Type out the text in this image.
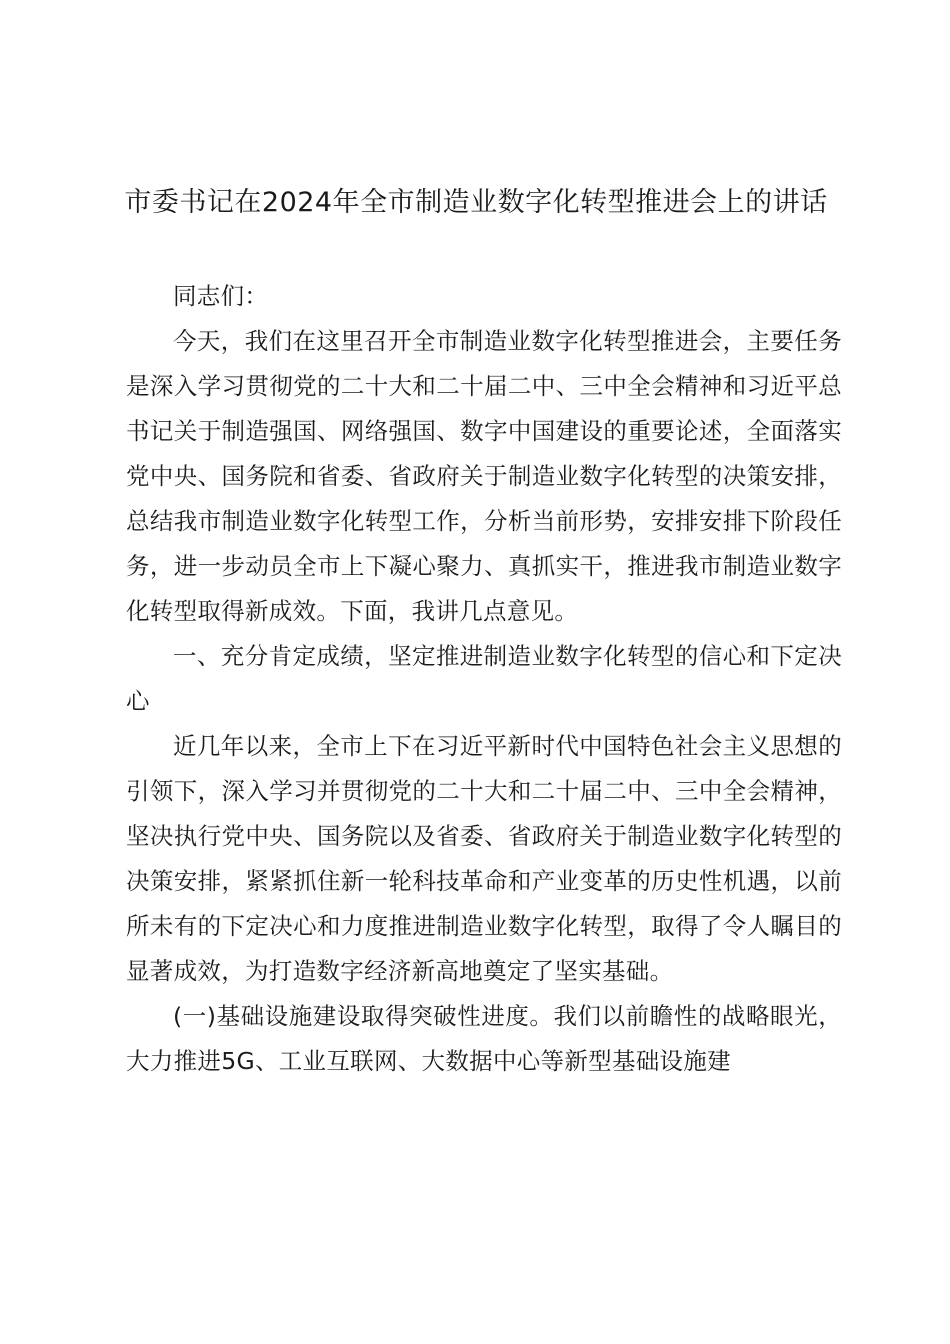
市委书记在2024年全市制造业数字化转型推进会上的讲话

同志们：

今天，我们在这里召开全市制造业数字化转型推进会，主要任务是深入学习贯彻党的二十大和二十届二中、三中全会精神和习近平总书记关于制造强国、网络强国、数字中国建设的重要论述，全面落实党中央、国务院和省委、省政府关于制造业数字化转型的决策安排，总结我市制造业数字化转型工作，分析当前形势，安排安排下阶段任务，进一步动员全市上下凝心聚力、真抓实干，推进我市制造业数字化转型取得新成效。下面，我讲几点意见。

一、充分肯定成绩，坚定推进制造业数字化转型的信心和下定决心

近几年以来，全市上下在习近平新时代中国特色社会主义思想的引领下，深入学习并贯彻党的二十大和二十届二中、三中全会精神，坚决执行党中央、国务院以及省委、省政府关于制造业数字化转型的决策安排，紧紧抓住新一轮科技革命和产业变革的历史性机遇，以前所未有的下定决心和力度推进制造业数字化转型，取得了令人瞩目的显著成效，为打造数字经济新高地奠定了坚实基础。

(一)基础设施建设取得突破性进度。我们以前瞻性的战略眼光，大力推进5G、工业互联网、大数据中心等新型基础设施建
